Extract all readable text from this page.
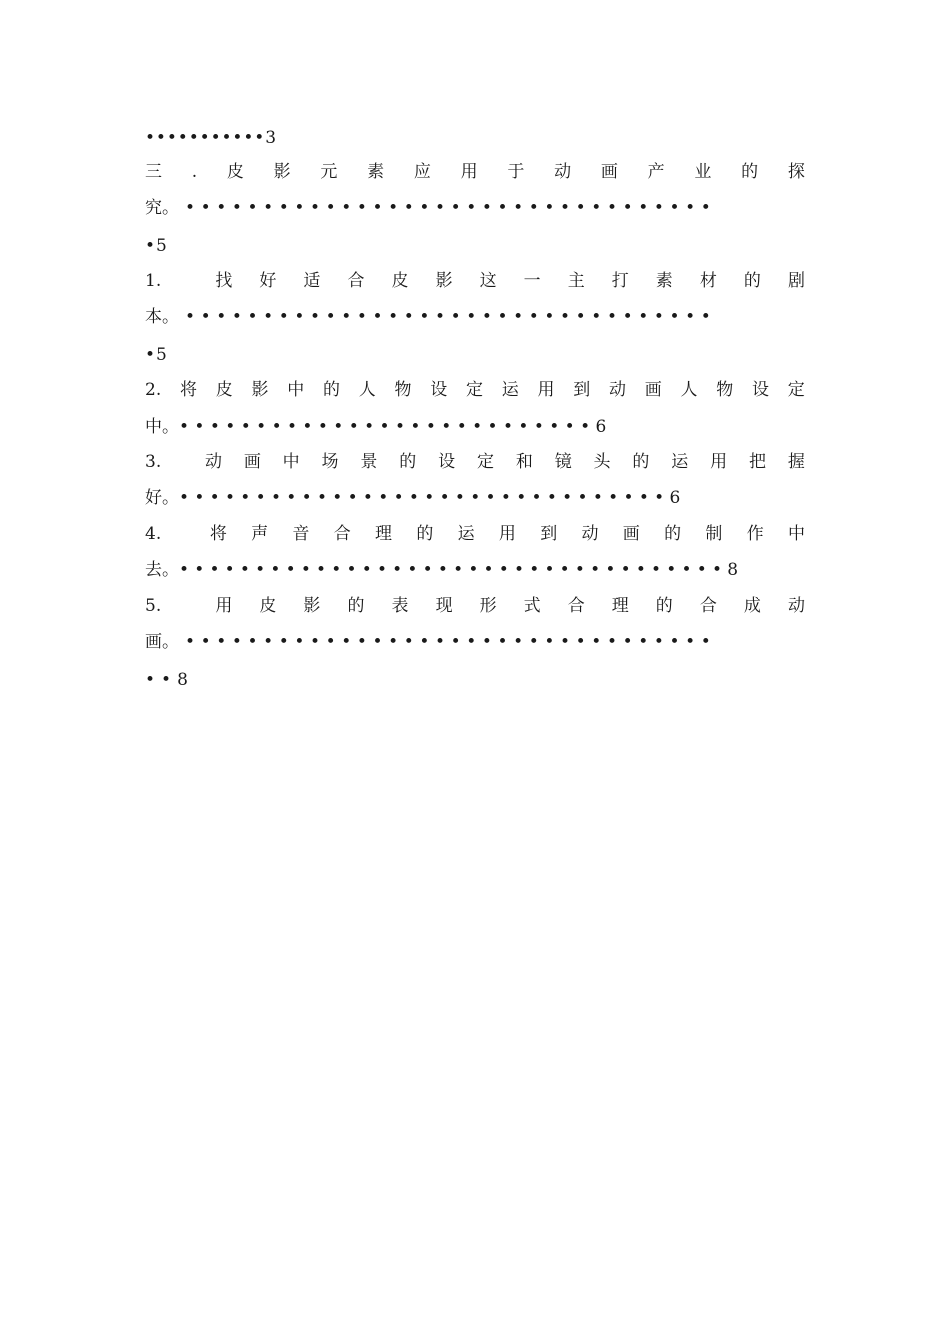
••••••••••• 3
三 . 皮 影 元 素 应 用 于 动 画 产 业 的 探
究。 ••••••••••••••••••••••••••••••••••
• 5
1.	找 好 适 合 皮 影 这 一 主 打 素 材 的 剧
本。 ••••••••••••••••••••••••••••••••••
• 5
2. 将 皮 影 中 的 人 物 设 定 运 用 到 动 画 人 物 设 定
中。 ••••••••••••••••••••••••••• 6
3.	动 画 中 场 景 的 设 定 和 镜 头 的 运 用 把 握
好。 •••••••••••••••••••••••••••••••• 6
4.	将 声 音 合 理 的 运 用 到 动 画 的 制 作 中
去。 •••••••••••••••••••••••••••••••••••• 8
5.	用 皮 影 的 表 现 形 式 合 理 的 合 成 动
画。 ••••••••••••••••••••••••••••••••••
•• 8
